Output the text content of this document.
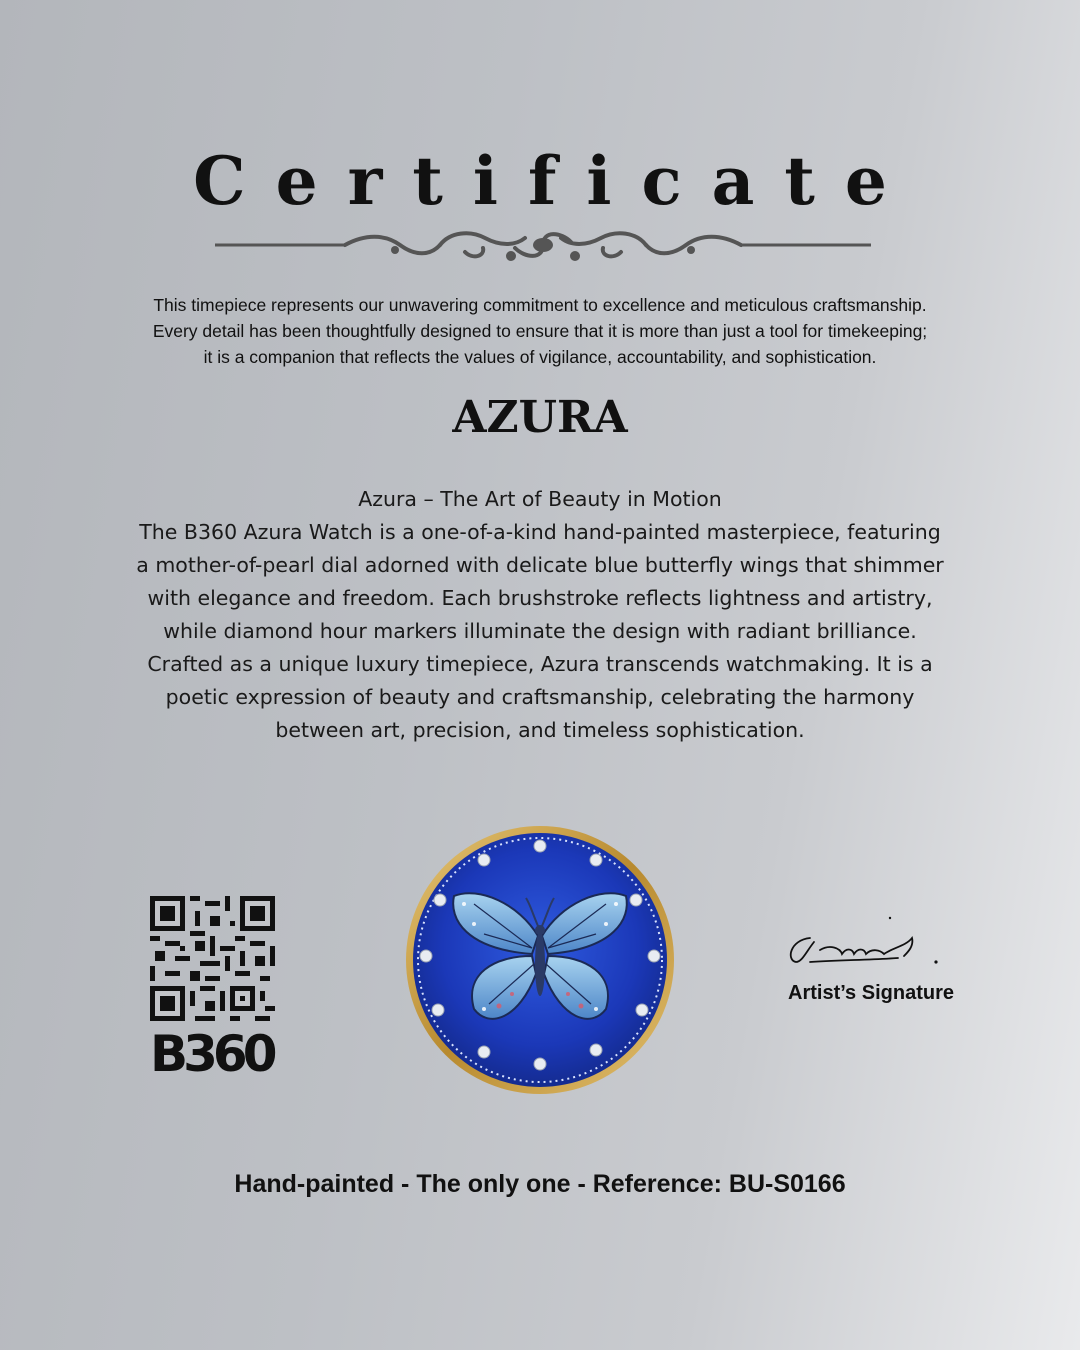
Certificate
This timepiece represents our unwavering commitment to excellence and meticulous craftsmanship.
Every detail has been thoughtfully designed to ensure that it is more than just a tool for timekeeping;
it is a companion that reflects the values of vigilance, accountability, and sophistication.
AZURA
Azura – The Art of Beauty in Motion
The B360 Azura Watch is a one-of-a-kind hand-painted masterpiece, featuring
a mother-of-pearl dial adorned with delicate blue butterfly wings that shimmer
with elegance and freedom. Each brushstroke reflects lightness and artistry,
while diamond hour markers illuminate the design with radiant brilliance.
Crafted as a unique luxury timepiece, Azura transcends watchmaking. It is a
poetic expression of beauty and craftsmanship, celebrating the harmony
between art, precision, and timeless sophistication.
B360
Artist’s Signature
Hand-painted - The only one - Reference: BU-S0166
